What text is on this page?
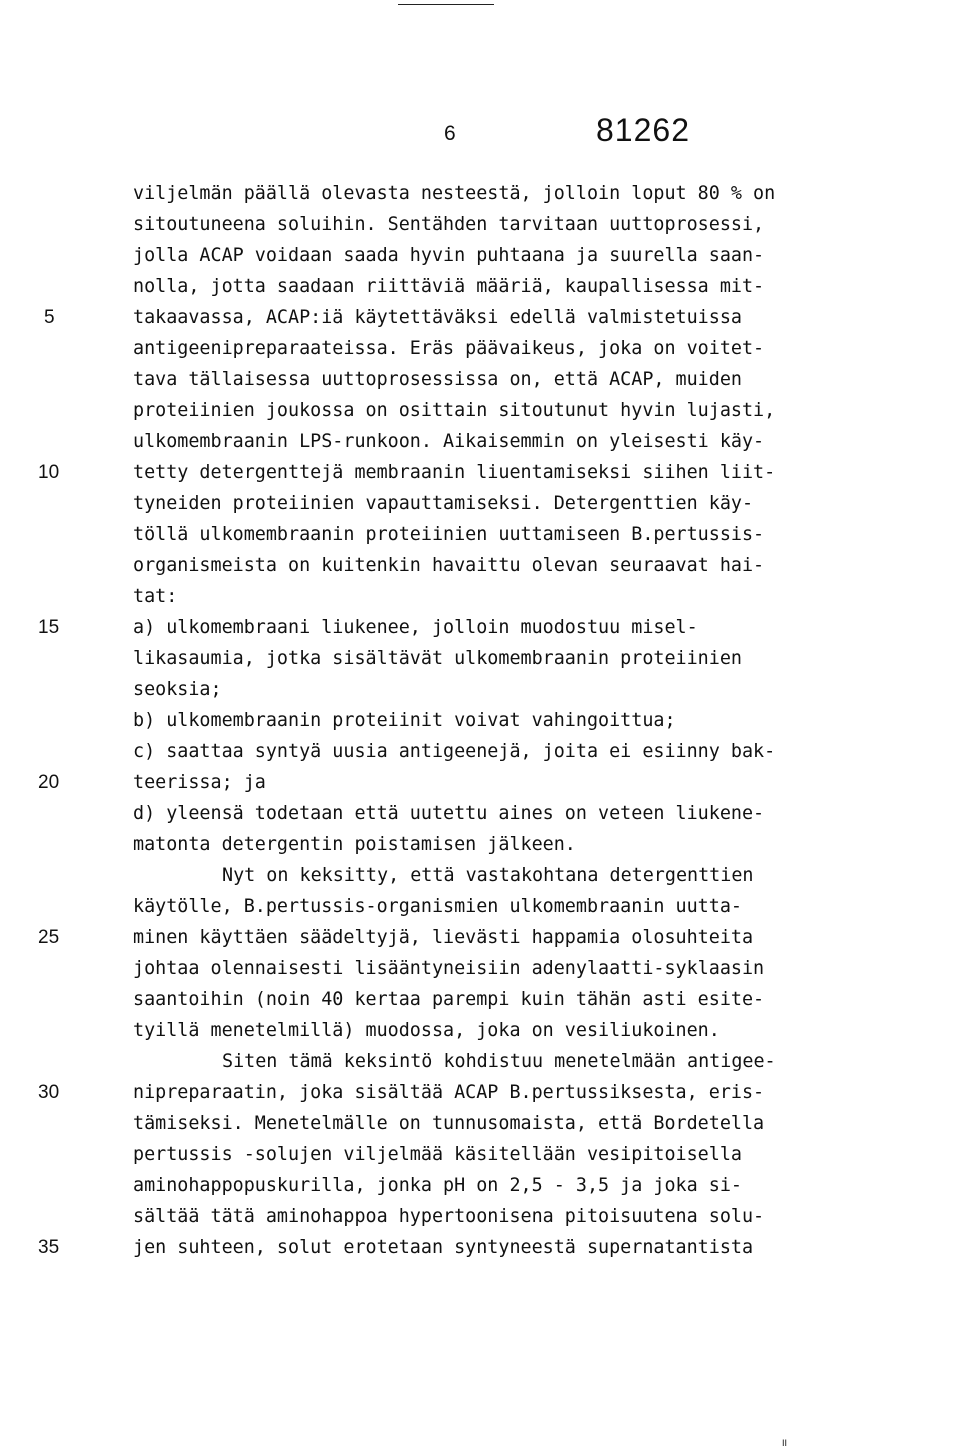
6	81262
viljelmän päällä olevasta nesteestä, jolloin loput 80 % on
sitoutuneena soluihin. Sentähden tarvitaan uuttoprosessi,
jolla ACAP voidaan saada hyvin puhtaana ja suurella saan-
nolla, jotta saadaan riittäviä määriä, kaupallisessa mit-
takaavassa, ACAP:iä käytettäväksi edellä valmistetuissa
antigeenipreparaateissa. Eräs päävaikeus, joka on voitet-
tava tällaisessa uuttoprosessissa on, että ACAP, muiden
proteiinien joukossa on osittain sitoutunut hyvin lujasti,
ulkomembraanin LPS-runkoon. Aikaisemmin on yleisesti käy-
tetty detergenttejä membraanin liuentamiseksi siihen liit-
tyneiden proteiinien vapauttamiseksi. Detergenttien käy-
töllä ulkomembraanin proteiinien uuttamiseen B.pertussis-
organismeista on kuitenkin havaittu olevan seuraavat hai-
tat:
a) ulkomembraani liukenee, jolloin muodostuu misel-
likasaumia, jotka sisältävät ulkomembraanin proteiinien
seoksia;
b) ulkomembraanin proteiinit voivat vahingoittua;
c) saattaa syntyä uusia antigeenejä, joita ei esiinny bak-
teerissa; ja
d) yleensä todetaan että uutettu aines on veteen liukene-
matonta detergentin poistamisen jälkeen.
Nyt on keksitty, että vastakohtana detergenttien
käytölle, B.pertussis-organismien ulkomembraanin uutta-
minen käyttäen säädeltyjä, lievästi happamia olosuhteita
johtaa olennaisesti lisääntyneisiin adenylaatti-syklaasin
saantoihin (noin 40 kertaa parempi kuin tähän asti esite-
tyillä menetelmillä) muodossa, joka on vesiliukoinen.
Siten tämä keksintö kohdistuu menetelmään antigee-
nipreparaatin, joka sisältää ACAP B.pertussiksesta, eris-
tämiseksi. Menetelmälle on tunnusomaista, että Bordetella
pertussis -solujen viljelmää käsitellään vesipitoisella
aminohappopuskurilla, jonka pH on 2,5 - 3,5 ja joka si-
sältää tätä aminohappoa hypertoonisena pitoisuutena solu-
jen suhteen, solut erotetaan syntyneestä supernatantista
5
10
15
20
25
30
35
II
